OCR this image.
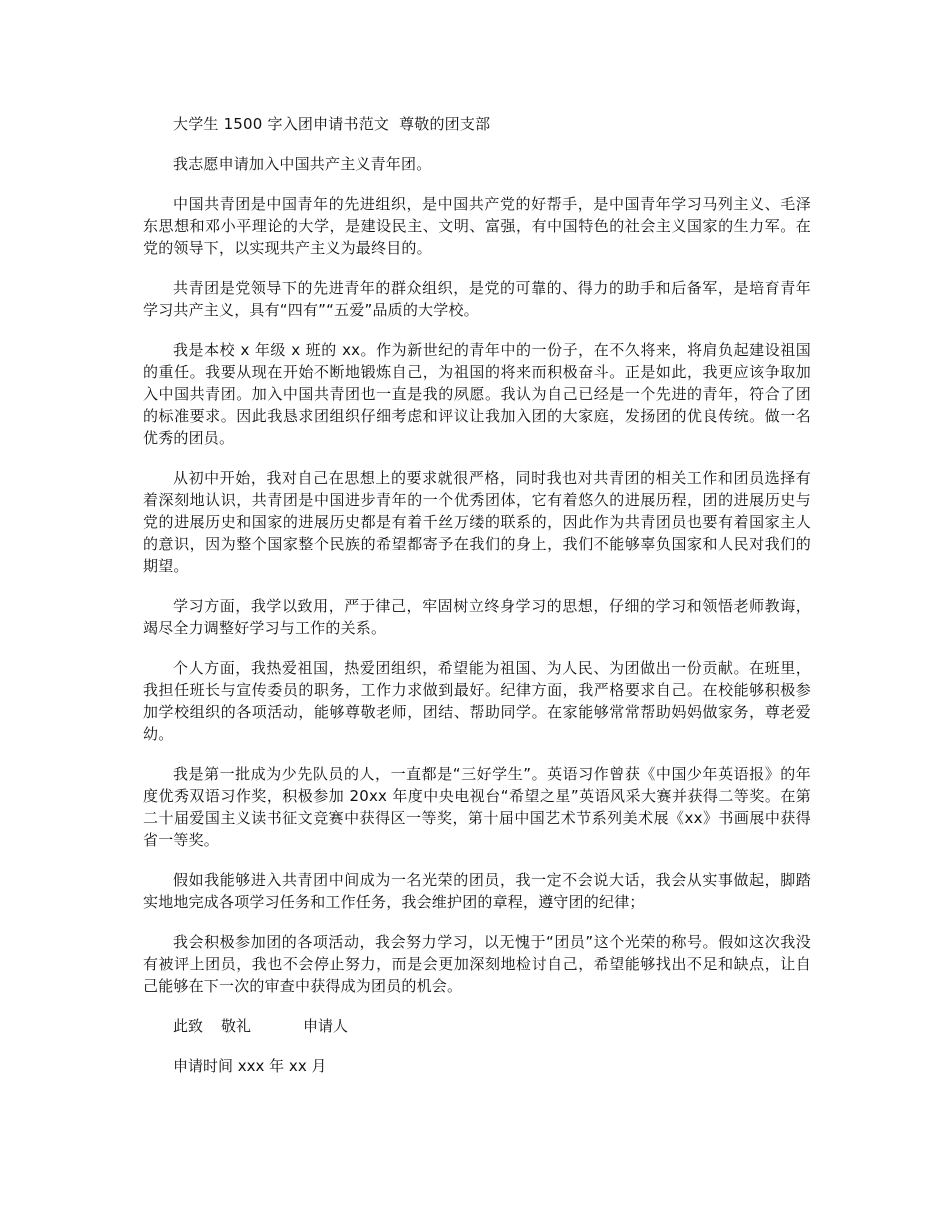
大学生 1500 字入团申请书范文 尊敬的团支部

我志愿申请加入中国共产主义青年团。

中国共青团是中国青年的先进组织，是中国共产党的好帮手，是中国青年学习马列主义、毛泽东思想和邓小平理论的大学，是建设民主、文明、富强，有中国特色的社会主义国家的生力军。在党的领导下，以实现共产主义为最终目的。

共青团是党领导下的先进青年的群众组织，是党的可靠的、得力的助手和后备军，是培育青年学习共产主义，具有“四有”“五爱”品质的大学校。

我是本校 x 年级 x 班的 xx。作为新世纪的青年中的一份子，在不久将来，将肩负起建设祖国的重任。我要从现在开始不断地锻炼自己，为祖国的将来而积极奋斗。正是如此，我更应该争取加入中国共青团。加入中国共青团也一直是我的夙愿。我认为自己已经是一个先进的青年，符合了团的标准要求。因此我恳求团组织仔细考虑和评议让我加入团的大家庭，发扬团的优良传统。做一名优秀的团员。

从初中开始，我对自己在思想上的要求就很严格，同时我也对共青团的相关工作和团员选择有着深刻地认识，共青团是中国进步青年的一个优秀团体，它有着悠久的进展历程，团的进展历史与党的进展历史和国家的进展历史都是有着千丝万缕的联系的，因此作为共青团员也要有着国家主人的意识，因为整个国家整个民族的希望都寄予在我们的身上，我们不能够辜负国家和人民对我们的期望。

学习方面，我学以致用，严于律己，牢固树立终身学习的思想，仔细的学习和领悟老师教诲，竭尽全力调整好学习与工作的关系。

个人方面，我热爱祖国，热爱团组织，希望能为祖国、为人民、为团做出一份贡献。在班里，我担任班长与宣传委员的职务，工作力求做到最好。纪律方面，我严格要求自己。在校能够积极参加学校组织的各项活动，能够尊敬老师，团结、帮助同学。在家能够常常帮助妈妈做家务，尊老爱幼。

我是第一批成为少先队员的人，一直都是“三好学生”。英语习作曾获《中国少年英语报》的年度优秀双语习作奖，积极参加 20xx 年度中央电视台“希望之星”英语风采大赛并获得二等奖。在第二十届爱国主义读书征文竞赛中获得区一等奖，第十届中国艺术节系列美术展《xx》书画展中获得省一等奖。

假如我能够进入共青团中间成为一名光荣的团员，我一定不会说大话，我会从实事做起，脚踏实地地完成各项学习任务和工作任务，我会维护团的章程，遵守团的纪律；

我会积极参加团的各项活动，我会努力学习，以无愧于“团员”这个光荣的称号。假如这次我没有被评上团员，我也不会停止努力，而是会更加深刻地检讨自己，希望能够找出不足和缺点，让自己能够在下一次的审查中获得成为团员的机会。

此致 敬礼	申请人

申请时间 xxx 年 xx 月
